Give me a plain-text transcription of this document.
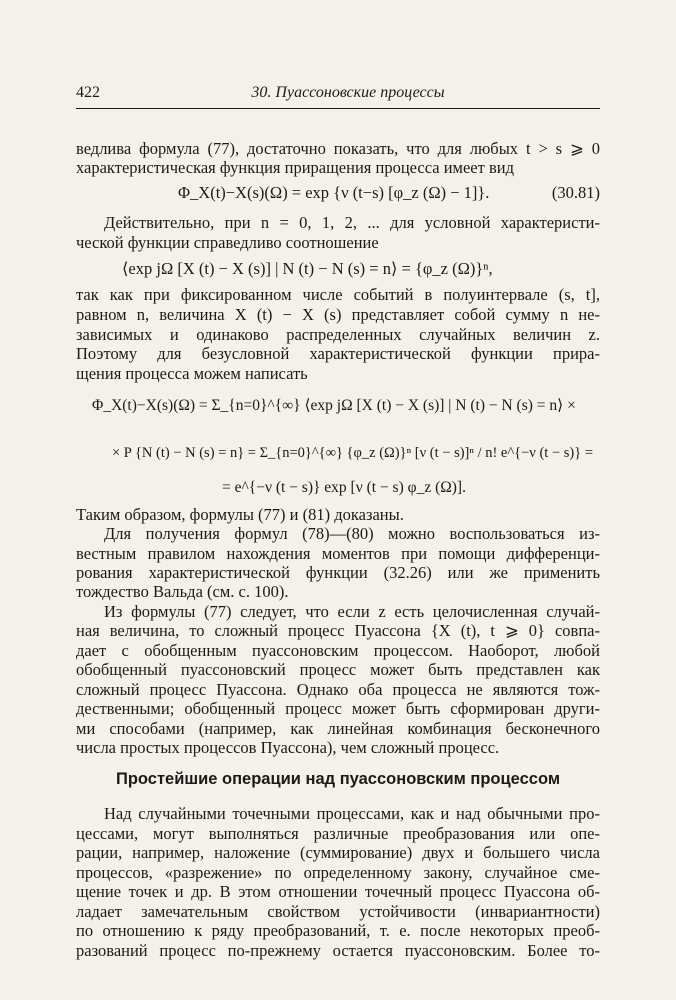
422	30. Пуассоновские процессы
ведлива формула (77), достаточно показать, что для любых t > s ⩾ 0
характеристическая функция приращения процесса имеет вид
Φ_X(t)−X(s)(Ω) = exp {ν (t−s) [φ_z (Ω) − 1]}.	(30.81)
Действительно, при n = 0, 1, 2, ... для условной характеристи-
ческой функции справедливо соотношение
⟨exp jΩ [X (t) − X (s)] | N (t) − N (s) = n⟩ = {φ_z (Ω)}ⁿ,
так как при фиксированном числе событий в полуинтервале (s, t],
равном n, величина X (t) − X (s) представляет собой сумму n не-
зависимых и одинаково распределенных случайных величин z.
Поэтому для безусловной характеристической функции прира-
щения процесса можем написать
Φ_X(t)−X(s)(Ω) = Σ_{n=0}^{∞} ⟨exp jΩ [X (t) − X (s)] | N (t) − N (s) = n⟩ ×
× P {N (t) − N (s) = n} = Σ_{n=0}^{∞} {φ_z (Ω)}ⁿ [ν (t − s)]ⁿ / n! e^{−ν (t − s)} =
= e^{−ν (t − s)} exp [ν (t − s) φ_z (Ω)].
Таким образом, формулы (77) и (81) доказаны.
Для получения формул (78)—(80) можно воспользоваться из-
вестным правилом нахождения моментов при помощи дифференци-
рования характеристической функции (32.26) или же применить
тождество Вальда (см. с. 100).
Из формулы (77) следует, что если z есть целочисленная случай-
ная величина, то сложный процесс Пуассона {X (t), t ⩾ 0} совпа-
дает с обобщенным пуассоновским процессом. Наоборот, любой
обобщенный пуассоновский процесс может быть представлен как
сложный процесс Пуассона. Однако оба процесса не являются тож-
дественными; обобщенный процесс может быть сформирован други-
ми способами (например, как линейная комбинация бесконечного
числа простых процессов Пуассона), чем сложный процесс.
Простейшие операции над пуассоновским процессом
Над случайными точечными процессами, как и над обычными про-
цессами, могут выполняться различные преобразования или опе-
рации, например, наложение (суммирование) двух и большего числа
процессов, «разрежение» по определенному закону, случайное сме-
щение точек и др. В этом отношении точечный процесс Пуассона об-
ладает замечательным свойством устойчивости (инвариантности)
по отношению к ряду преобразований, т. е. после некоторых преоб-
разований процесс по-прежнему остается пуассоновским. Более то-
